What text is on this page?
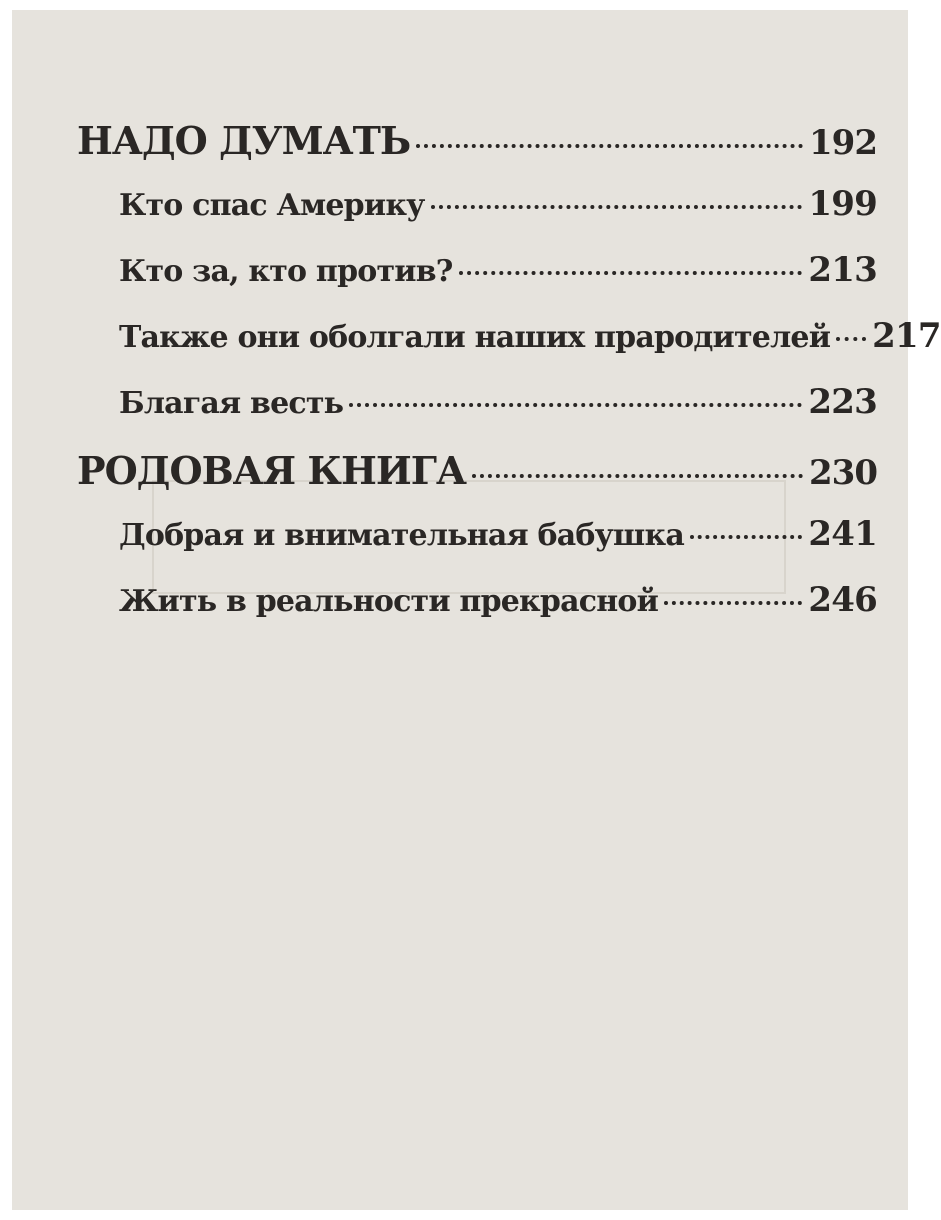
НАДО ДУМАТЬ	192
Кто спас Америку	199
Кто за, кто против?	213
Также они оболгали наших прародителей 217
Благая весть	223
РОДОВАЯ КНИГА	230
Добрая и внимательная бабушка	241
Жить в реальности прекрасной	246
